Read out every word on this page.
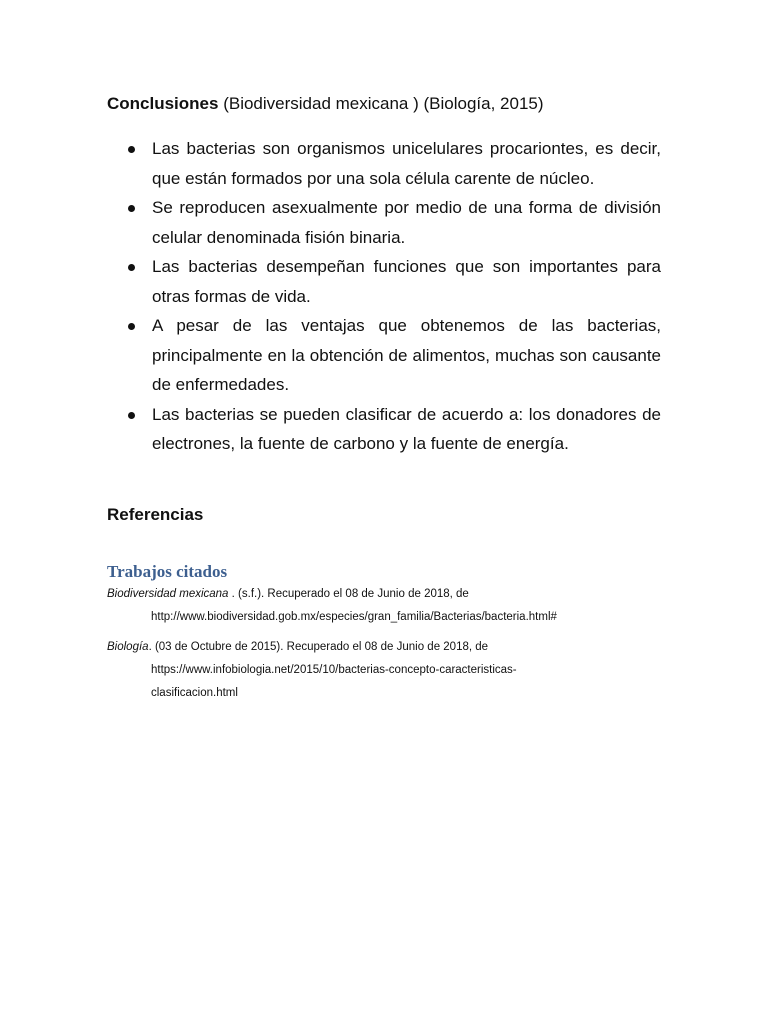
Conclusiones (Biodiversidad mexicana ) (Biología, 2015)
Las bacterias son organismos unicelulares procariontes, es decir, que están formados por una sola célula carente de núcleo.
Se reproducen asexualmente por medio de una forma de división celular denominada fisión binaria.
Las bacterias desempeñan funciones que son importantes para otras formas de vida.
A pesar de las ventajas que obtenemos de las bacterias, principalmente en la obtención de alimentos, muchas son causante de enfermedades.
Las bacterias se pueden clasificar de acuerdo a: los donadores de electrones, la fuente de carbono y la fuente de energía.
Referencias
Trabajos citados
Biodiversidad mexicana . (s.f.). Recuperado el 08 de Junio de 2018, de
http://www.biodiversidad.gob.mx/especies/gran_familia/Bacterias/bacteria.html#
Biología. (03 de Octubre de 2015). Recuperado el 08 de Junio de 2018, de
https://www.infobiologia.net/2015/10/bacterias-concepto-caracteristicas-
clasificacion.html
